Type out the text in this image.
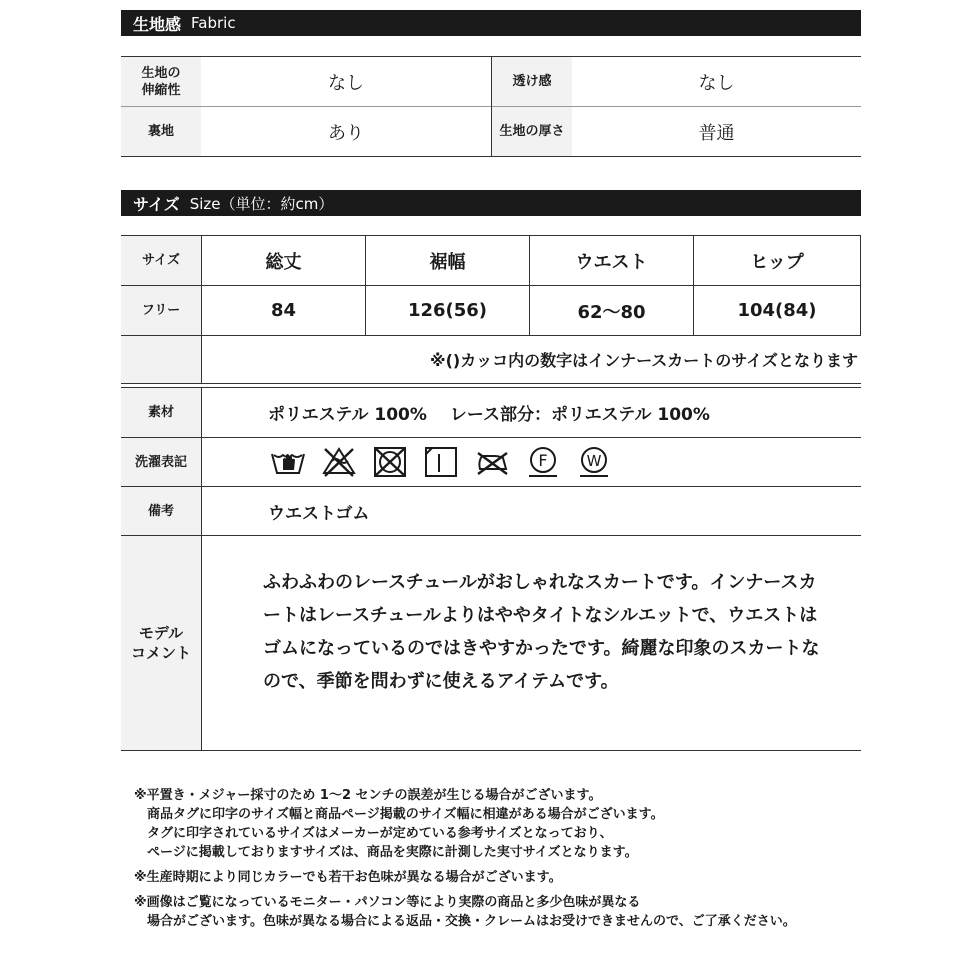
生地感 Fabric
生地の
伸縮性	なし	透け感	なし
裏地	あり	生地の厚さ	普通
サイズ Size（単位：約cm）
サイズ	総丈	裾幅	ウエスト	ヒップ
フリー	84	126(56)	62〜80	104(84)
※()カッコ内の数字はインナースカートのサイズとなります
素材	ポリエステル 100%　 レース部分：ポリエステル 100%
洗濯表記	F	W
備考	ウエストゴム
モデル
コメント
ふわふわのレースチュールがおしゃれなスカートです。インナースカ
ートはレースチュールよりはややタイトなシルエットで、ウエストは
ゴムになっているのではきやすかったです。綺麗な印象のスカートな
ので、季節を問わずに使えるアイテムです。
※平置き・メジャー採寸のため 1〜2 センチの誤差が生じる場合がございます。
商品タグに印字のサイズ幅と商品ページ掲載のサイズ幅に相違がある場合がございます。
タグに印字されているサイズはメーカーが定めている参考サイズとなっており、
ページに掲載しておりますサイズは、商品を実際に計測した実寸サイズとなります。
※生産時期により同じカラーでも若干お色味が異なる場合がございます。
※画像はご覧になっているモニター・パソコン等により実際の商品と多少色味が異なる
場合がございます。色味が異なる場合による返品・交換・クレームはお受けできませんので、ご了承ください。
